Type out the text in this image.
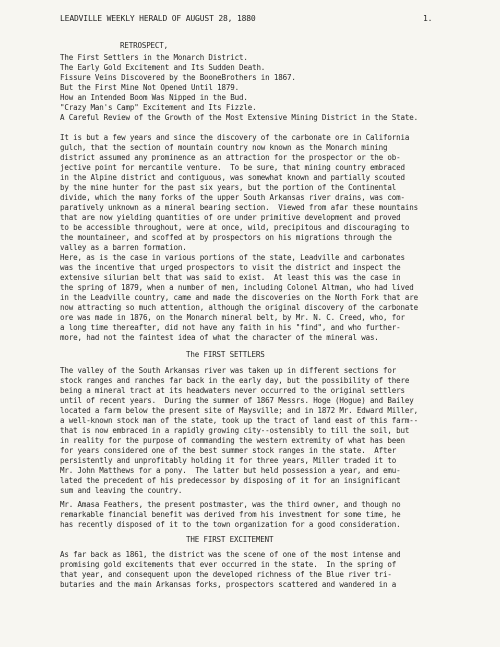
LEADVILLE WEEKLY HERALD OF AUGUST 28, 1880	1.
RETROSPECT,
The First Settlers in the Monarch District.
The Early Gold Excitement and Its Sudden Death.
Fissure Veins Discovered by the BooneBrothers in 1867.
But the First Mine Not Opened Until 1879.
How an Intended Boom Was Nipped in the Bud.
"Crazy Man's Camp" Excitement and Its Fizzle.
A Careful Review of the Growth of the Most Extensive Mining District in the State.
It is but a few years and since the discovery of the carbonate ore in California
gulch, that the section of mountain country now known as the Monarch mining
district assumed any prominence as an attraction for the prospector or the ob-
jective point for mercantile venture.  To be sure, that mining country embraced
in the Alpine district and contiguous, was somewhat known and partially scouted
by the mine hunter for the past six years, but the portion of the Continental
divide, which the many forks of the upper South Arkansas river drains, was com-
paratively unknown as a mineral bearing section.  Viewed from afar these mountains
that are now yielding quantities of ore under primitive development and proved
to be accessible throughout, were at once, wild, precipitous and discouraging to
the mountaineer, and scoffed at by prospectors on his migrations through the
valley as a barren formation.
Here, as is the case in various portions of the state, Leadville and carbonates
was the incentive that urged prospectors to visit the district and inspect the
extensive silurian belt that was said to exist.  At least this was the case in
the spring of 1879, when a number of men, including Colonel Altman, who had lived
in the Leadville country, came and made the discoveries on the North Fork that are
now attracting so much attention, although the original discovery of the carbonate
ore was made in 1876, on the Monarch mineral belt, by Mr. N. C. Creed, who, for
a long time thereafter, did not have any faith in his "find", and who further-
more, had not the faintest idea of what the character of the mineral was.
The FIRST SETTLERS
The valley of the South Arkansas river was taken up in different sections for
stock ranges and ranches far back in the early day, but the possibility of there
being a mineral tract at its headwaters never occurred to the original settlers
until of recent years.  During the summer of 1867 Messrs. Hoge (Hogue) and Bailey
located a farm below the present site of Maysville; and in 1872 Mr. Edward Miller,
a well-known stock man of the state, took up the tract of land east of this farm--
that is now embraced in a rapidly growing city--ostensibly to till the soil, but
in reality for the purpose of commanding the western extremity of what has been
for years considered one of the best summer stock ranges in the state.  After
persistently and unprofitably holding it for three years, Miller traded it to
Mr. John Matthews for a pony.  The latter but held possession a year, and emu-
lated the precedent of his predecessor by disposing of it for an insignificant
sum and leaving the country.
Mr. Amasa Feathers, the present postmaster, was the third owner, and though no
remarkable financial benefit was derived from his investment for some time, he
has recently disposed of it to the town organization for a good consideration.
THE FIRST EXCITEMENT
As far back as 1861, the district was the scene of one of the most intense and
promising gold excitements that ever occurred in the state.  In the spring of
that year, and consequent upon the developed richness of the Blue river tri-
butaries and the main Arkansas forks, prospectors scattered and wandered in a
